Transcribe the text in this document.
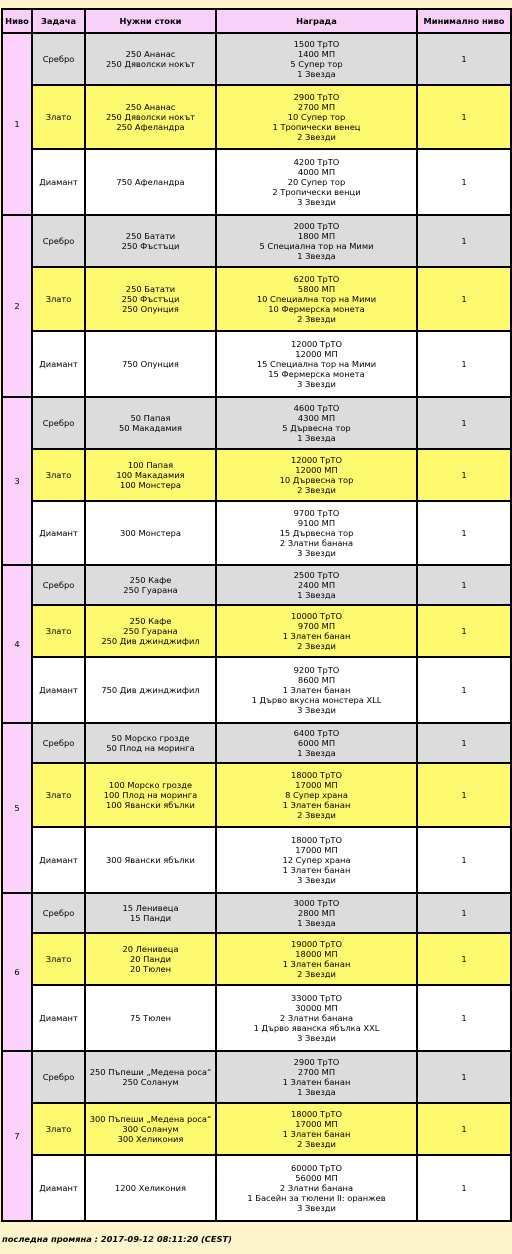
Ниво	Задача	Нужни стоки	Награда	Минимално ниво
1	Сребро	250 Ананас
250 Дяволски нокът	1500 ТрТО
1400 МП
5 Супер тор
1 Звезда	1
	Злато	250 Ананас
250 Дяволски нокът
250 Афеландра	2900 ТрТО
2700 МП
10 Супер тор
1 Тропически венец
2 Звезди	1
	Диамант	750 Афеландра	4200 ТрТО
4000 МП
20 Супер тор
2 Тропически венци
3 Звезди	1
2	Сребро	250 Батати
250 Фъстъци	2000 ТрТО
1800 МП
5 Специална тор на Мими
1 Звезда	1
	Злато	250 Батати
250 Фъстъци
250 Опунция	6200 ТрТО
5800 МП
10 Специална тор на Мими
10 Фермерска монета
2 Звезди	1
	Диамант	750 Опунция	12000 ТрТО
12000 МП
15 Специална тор на Мими
15 Фермерска монета
3 Звезди	1
3	Сребро	50 Папая
50 Макадамия	4600 ТрТО
4300 МП
5 Дървесна тор
1 Звезда	1
	Злато	100 Папая
100 Макадамия
100 Монстера	12000 ТрТО
12000 МП
10 Дървесна тор
2 Звезди	1
	Диамант	300 Монстера	9700 ТрТО
9100 МП
15 Дървесна тор
2 Златни банана
3 Звезди	1
4	Сребро	250 Кафе
250 Гуарана	2500 ТрТО
2400 МП
1 Звезда	1
	Злато	250 Кафе
250 Гуарана
250 Див джинджифил	10000 ТрТО
9700 МП
1 Златен банан
2 Звезди	1
	Диамант	750 Див джинджифил	9200 ТрТО
8600 МП
1 Златен банан
1 Дърво вкусна монстера XLL
3 Звезди	1
5	Сребро	50 Морско грозде
50 Плод на моринга	6400 ТрТО
6000 МП
1 Звезда	1
	Злато	100 Морско грозде
100 Плод на моринга
100 Явански ябълки	18000 ТрТО
17000 МП
8 Супер храна
1 Златен банан
2 Звезди	1
	Диамант	300 Явански ябълки	18000 ТрТО
17000 МП
12 Супер храна
1 Златен банан
3 Звезди	1
6	Сребро	15 Ленивеца
15 Панди	3000 ТрТО
2800 МП
1 Звезда	1
	Злато	20 Ленивеца
20 Панди
20 Тюлен	19000 ТрТО
18000 МП
1 Златен банан
2 Звезди	1
	Диамант	75 Тюлен	33000 ТрТО
30000 МП
2 Златни банана
1 Дърво яванска ябълка XXL
3 Звезди	1
7	Сребро	250 Пъпеши „Медена роса“
250 Соланум	2900 ТрТО
2700 МП
1 Златен банан
1 Звезда	1
	Злато	300 Пъпеши „Медена роса“
300 Соланум
300 Хеликония	18000 ТрТО
17000 МП
1 Златен банан
2 Звезди	1
	Диамант	1200 Хеликония	60000 ТрТО
56000 МП
2 Златни банана
1 Басейн за тюлени II: оранжев
3 Звезди	1
последна промяна : 2017-09-12 08:11:20 (CEST)
